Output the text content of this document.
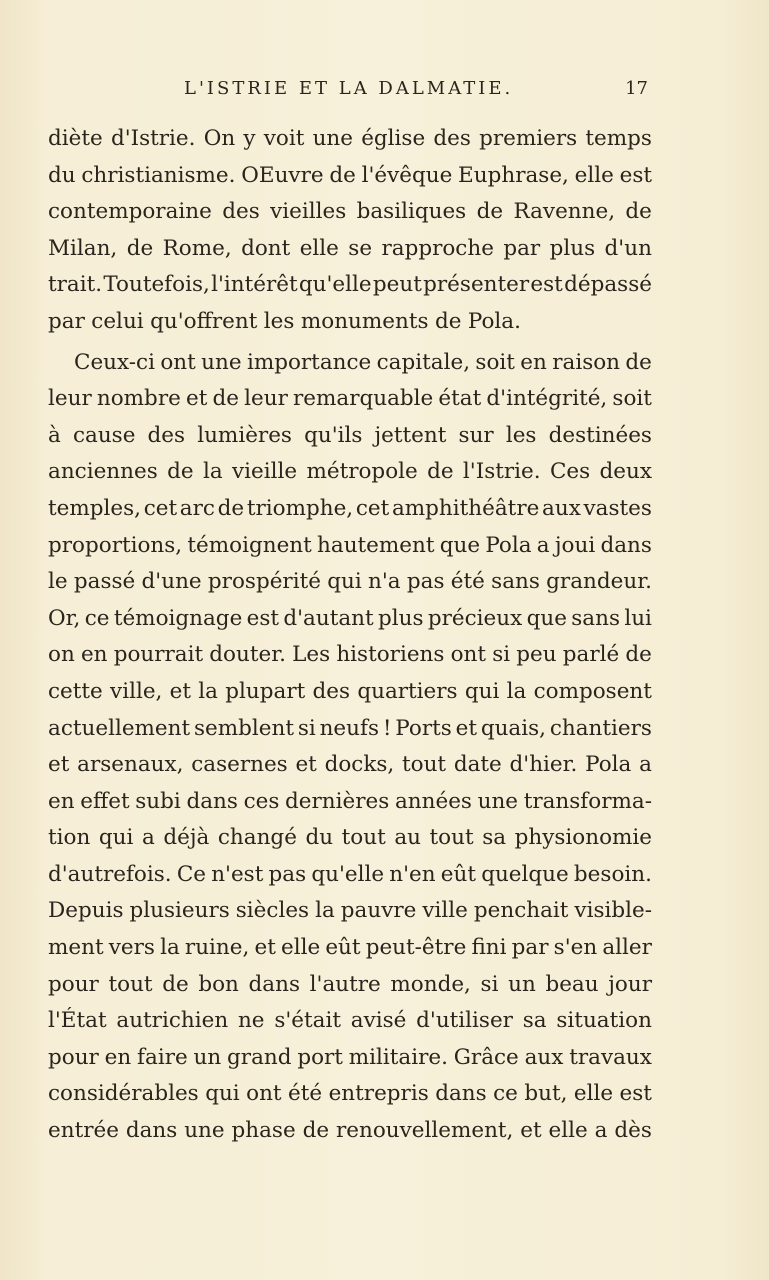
L'ISTRIE ET LA DALMATIE.	17
diète d'Istrie. On y voit une église des premiers temps
du christianisme. OEuvre de l'évêque Euphrase, elle est
contemporaine des vieilles basiliques de Ravenne, de
Milan, de Rome, dont elle se rapproche par plus d'un
trait. Toutefois, l'intérêt qu'elle peut présenter est dépassé
par celui qu'offrent les monuments de Pola.
Ceux-ci ont une importance capitale, soit en raison de
leur nombre et de leur remarquable état d'intégrité, soit
à cause des lumières qu'ils jettent sur les destinées
anciennes de la vieille métropole de l'Istrie. Ces deux
temples, cet arc de triomphe, cet amphithéâtre aux vastes
proportions, témoignent hautement que Pola a joui dans
le passé d'une prospérité qui n'a pas été sans grandeur.
Or, ce témoignage est d'autant plus précieux que sans lui
on en pourrait douter. Les historiens ont si peu parlé de
cette ville, et la plupart des quartiers qui la composent
actuellement semblent si neufs ! Ports et quais, chantiers
et arsenaux, casernes et docks, tout date d'hier. Pola a
en effet subi dans ces dernières années une transforma-
tion qui a déjà changé du tout au tout sa physionomie
d'autrefois. Ce n'est pas qu'elle n'en eût quelque besoin.
Depuis plusieurs siècles la pauvre ville penchait visible-
ment vers la ruine, et elle eût peut-être fini par s'en aller
pour tout de bon dans l'autre monde, si un beau jour
l'État autrichien ne s'était avisé d'utiliser sa situation
pour en faire un grand port militaire. Grâce aux travaux
considérables qui ont été entrepris dans ce but, elle est
entrée dans une phase de renouvellement, et elle a dès
